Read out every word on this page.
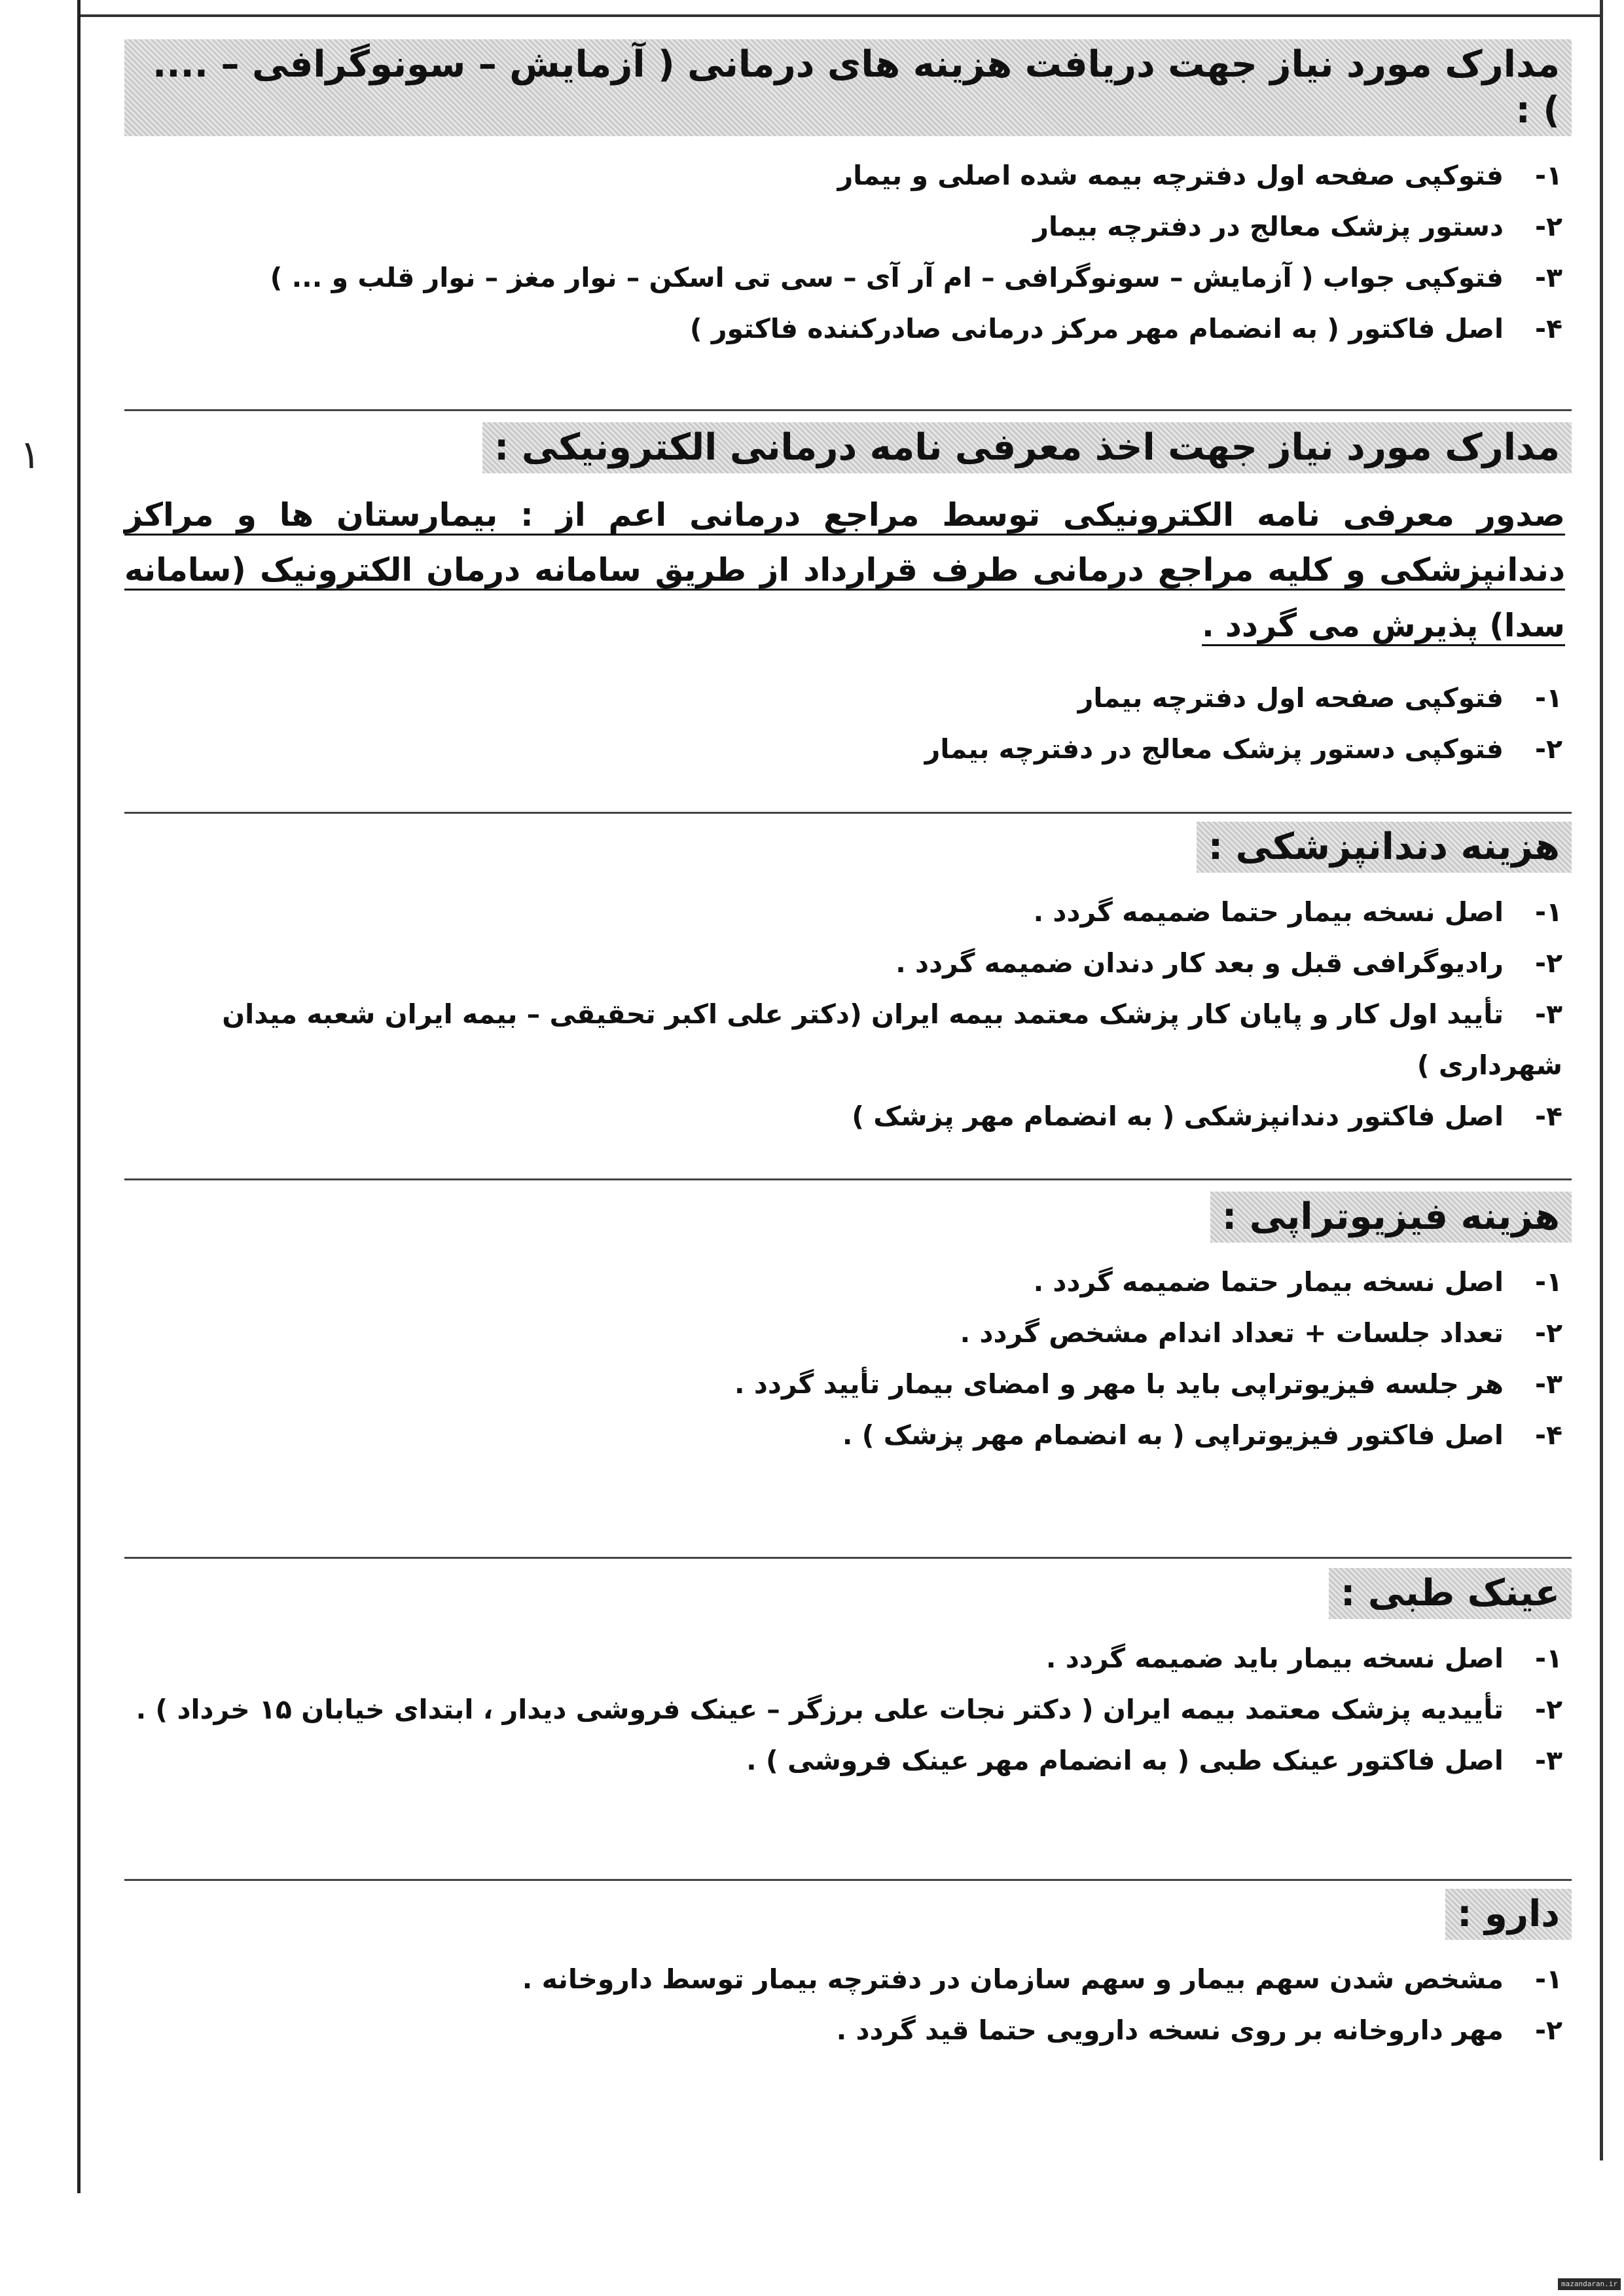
۱
مدارک مورد نیاز جهت دریافت هزینه های درمانی ( آزمایش – سونوگرافی – .... ) :
۱-فتوکپی صفحه اول دفترچه بیمه شده اصلی و بیمار
۲-دستور پزشک معالج در دفترچه بیمار
۳-فتوکپی جواب ( آزمایش – سونوگرافی – ام آر آی – سی تی اسکن – نوار مغز – نوار قلب و ... )
۴-اصل فاکتور ( به انضمام مهر مرکز درمانی صادرکننده فاکتور )
مدارک مورد نیاز جهت اخذ معرفی نامه درمانی الکترونیکی :
صدور معرفی نامه الکترونیکی توسط مراجع درمانی اعم از : بیمارستان ها و مراکز دندانپزشکی و کلیه مراجع درمانی طرف قرارداد از طریق سامانه درمان الکترونیک (سامانه سدا) پذیرش می گردد .
۱-فتوکپی صفحه اول دفترچه بیمار
۲-فتوکپی دستور پزشک معالج در دفترچه بیمار
هزینه دندانپزشکی :
۱-اصل نسخه بیمار حتما ضمیمه گردد .
۲-رادیوگرافی قبل و بعد کار دندان ضمیمه گردد .
۳-تأیید اول کار و پایان کار پزشک معتمد بیمه ایران (دکتر علی اکبر تحقیقی – بیمه ایران شعبه میدان شهرداری )
۴-اصل فاکتور دندانپزشکی ( به انضمام مهر پزشک )
هزینه فیزیوتراپی :
۱-اصل نسخه بیمار حتما ضمیمه گردد .
۲-تعداد جلسات + تعداد اندام مشخص گردد .
۳-هر جلسه فیزیوتراپی باید با مهر و امضای بیمار تأیید گردد .
۴-اصل فاکتور فیزیوتراپی ( به انضمام مهر پزشک ) .
عینک طبی :
۱-اصل نسخه بیمار باید ضمیمه گردد .
۲-تأییدیه پزشک معتمد بیمه ایران ( دکتر نجات علی برزگر – عینک فروشی دیدار ، ابتدای خیابان ۱۵ خرداد ) .
۳-اصل فاکتور عینک طبی ( به انضمام مهر عینک فروشی ) .
دارو :
۱-مشخص شدن سهم بیمار و سهم سازمان در دفترچه بیمار توسط داروخانه .
۲-مهر داروخانه بر روی نسخه دارویی حتما قید گردد .
mazandaran.ir
